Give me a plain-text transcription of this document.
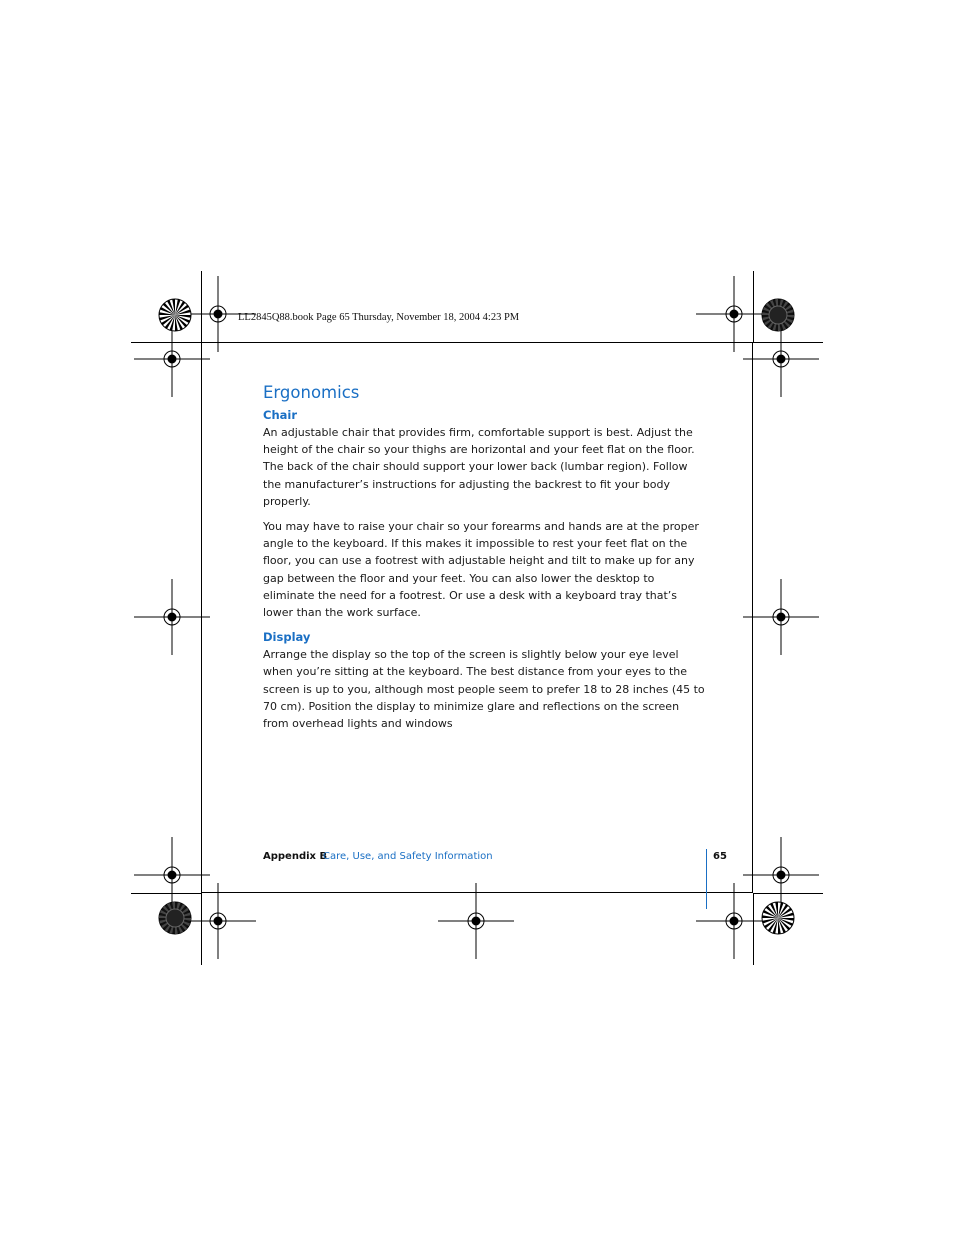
LL2845Q88.book Page 65 Thursday, November 18, 2004 4:23 PM
Ergonomics
Chair

An adjustable chair that provides firm, comfortable support is best. Adjust the height of the chair so your thighs are horizontal and your feet flat on the floor. The back of the chair should support your lower back (lumbar region). Follow the manufacturer’s instructions for adjusting the backrest to fit your body properly.

You may have to raise your chair so your forearms and hands are at the proper angle to the keyboard. If this makes it impossible to rest your feet flat on the floor, you can use a footrest with adjustable height and tilt to make up for any gap between the floor and your feet. You can also lower the desktop to eliminate the need for a footrest. Or use a desk with a keyboard tray that’s lower than the work surface.

Display

Arrange the display so the top of the screen is slightly below your eye level when you’re sitting at the keyboard. The best distance from your eyes to the screen is up to you, although most people seem to prefer 18 to 28 inches (45 to 70 cm). Position the display to minimize glare and reflections on the screen from overhead lights and windows

Appendix B
Care, Use, and Safety Information	65
